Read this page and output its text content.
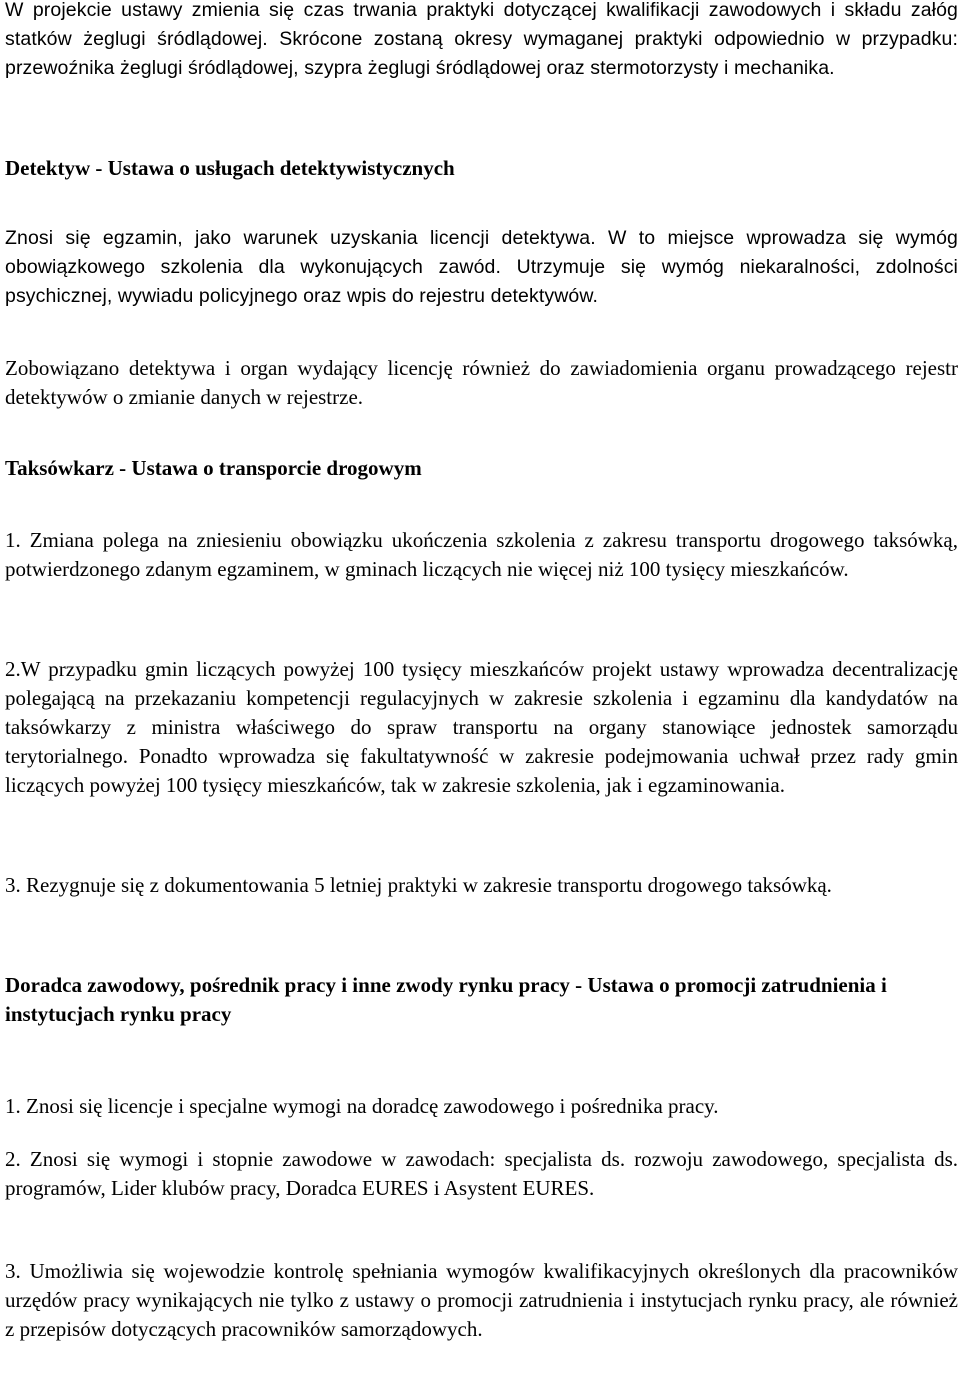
W projekcie ustawy zmienia się czas trwania praktyki dotyczącej kwalifikacji zawodowych i składu załóg statków żeglugi śródlądowej. Skrócone zostaną okresy wymaganej praktyki odpowiednio w przypadku: przewoźnika żeglugi śródlądowej, szypra żeglugi śródlądowej oraz stermotorzysty i mechanika.

Detektyw - Ustawa o usługach detektywistycznych

Znosi się egzamin, jako warunek uzyskania licencji detektywa. W to miejsce wprowadza się wymóg obowiązkowego szkolenia dla wykonujących zawód. Utrzymuje się wymóg niekaralności, zdolności psychicznej, wywiadu policyjnego oraz wpis do rejestru detektywów.

Zobowiązano detektywa i organ wydający licencję również do zawiadomienia organu prowadzącego rejestr detektywów o zmianie danych w rejestrze.

Taksówkarz - Ustawa o transporcie drogowym

1. Zmiana polega na zniesieniu obowiązku ukończenia szkolenia z zakresu transportu drogowego taksówką, potwierdzonego zdanym egzaminem, w gminach liczących nie więcej niż 100 tysięcy mieszkańców.

2.W przypadku gmin liczących powyżej 100 tysięcy mieszkańców projekt ustawy wprowadza decentralizację polegającą na przekazaniu kompetencji regulacyjnych w zakresie szkolenia i egzaminu dla kandydatów na taksówkarzy z ministra właściwego do spraw transportu na organy stanowiące jednostek samorządu terytorialnego. Ponadto wprowadza się fakultatywność w zakresie podejmowania uchwał przez rady gmin liczących powyżej 100 tysięcy mieszkańców, tak w zakresie szkolenia, jak i egzaminowania.

3. Rezygnuje się z dokumentowania 5 letniej praktyki w zakresie transportu drogowego taksówką.

Doradca zawodowy, pośrednik pracy i inne zwody rynku pracy - Ustawa o promocji zatrudnienia i instytucjach rynku pracy

1. Znosi się licencje i specjalne wymogi na doradcę zawodowego i pośrednika pracy.

2. Znosi się wymogi i stopnie zawodowe w zawodach: specjalista ds. rozwoju zawodowego, specjalista ds. programów, Lider klubów pracy, Doradca EURES i Asystent EURES.

3. Umożliwia się wojewodzie kontrolę spełniania wymogów kwalifikacyjnych określonych dla pracowników urzędów pracy wynikających nie tylko z ustawy o promocji zatrudnienia i instytucjach rynku pracy, ale również z przepisów dotyczących pracowników samorządowych.
